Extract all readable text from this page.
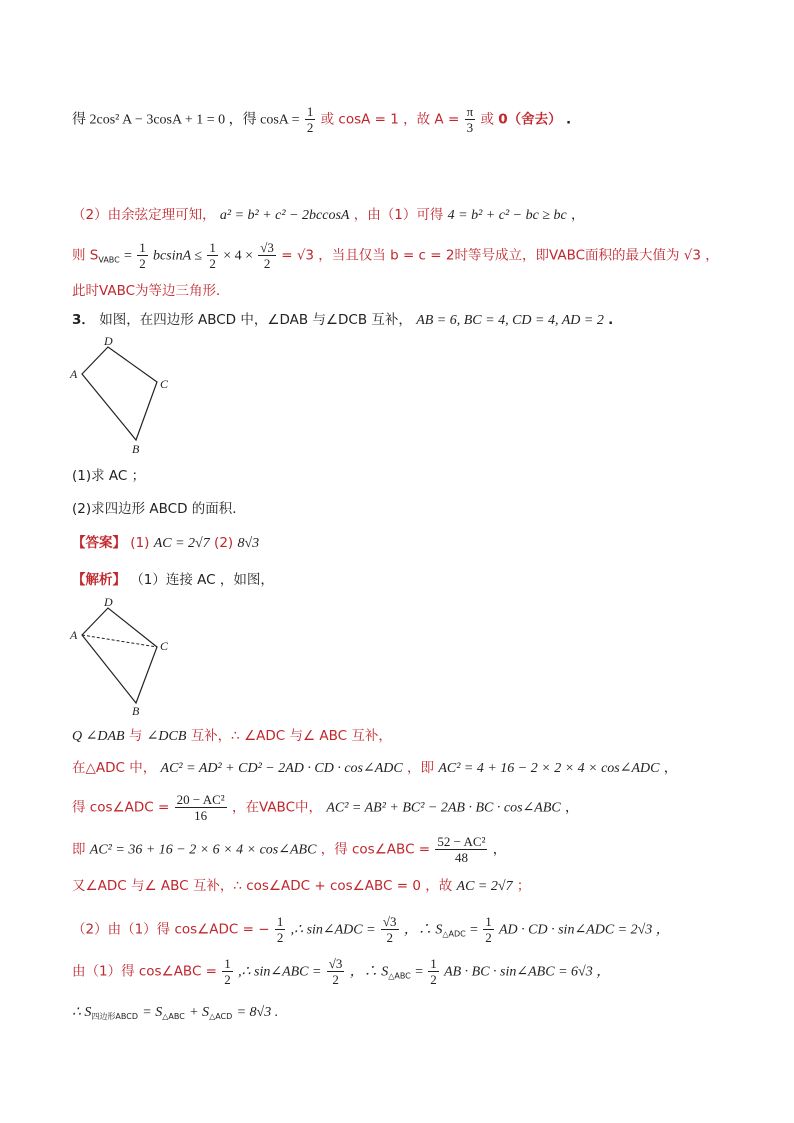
得 2cos² A − 3cosA + 1 = 0 ，得 $\cos A = \frac{1}{2}$ 或 cosA = 1 ，故 $A = \frac{\pi}{3}$ 或 0（舍去） .
（2）由余弦定理可知， a² = b² + c² − 2bccosA ，由（1）可得 4 = b² + c² − bc ≥ bc ，
则 $S_{VABC} = \frac{1}{2}$ $bcsinA \le \frac{1}{2} \times 4 \times \frac{√3}{2} = √3$ ，当且仅当 b = c = 2时等号成立，即VABC面积的最大值为 √3 ，
此时VABC为等边三角形．
3． 如图，在四边形 ABCD 中，∠DAB 与∠DCB 互补， AB = 6, BC = 4, CD = 4, AD = 2 .
D
A
C
B
(1)求 AC ；
(2)求四边形 ABCD 的面积．
【答案】 (1) AC = 2√7 (2) 8√3
【解析】 （1）连接 AC ，如图，
D
A
C
B
Q ∠DAB 与 ∠DCB 互补，∴ ∠ADC 与∠ ABC 互补，
在△ADC 中， AC² = AD² + CD² − 2AD · CD · cos∠ADC ，即 AC² = 4 + 16 − 2 × 2 × 4 × cos∠ADC ，
得 cos∠ADC = $\frac{\text{20 − AC²}}{16}$ ，在VABC中， AC² = AB² + BC² − 2AB · BC · cos∠ABC ，
即 AC² = 36 + 16 − 2 × 6 × 4 × cos∠ABC ，得 cos∠ABC = $\frac{\text{52 − AC²}}{48}$ ，
又∠ADC 与∠ ABC 互补，∴ cos∠ADC + cos∠ABC = 0 ，故 AC = 2√7 ；
（2）由（1）得 cos∠ADC = − $\frac{1}{2}$ ,∴ sin∠ADC = $\frac{√3}{2}$ ，∴ $S_{\triangle ADC} = \frac{1}{2}$ AD · CD · sin∠ADC = 2√3 ，
由（1）得 cos∠ABC = $\frac{1}{2}$ ,∴ sin∠ABC = $\frac{√3}{2}$ ，∴ $S_{\triangle ABC} = \frac{1}{2}$ AB · BC · sin∠ABC = 6√3 ，
∴ $S_{四边形ABCD} = S_{\triangle ABC} + S_{\triangle ACD} = 8√3$ .
